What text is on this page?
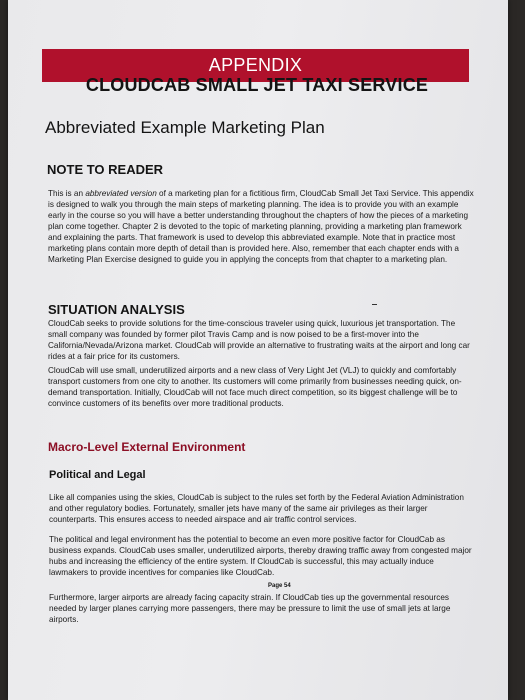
APPENDIX
CLOUDCAB SMALL JET TAXI SERVICE
Abbreviated Example Marketing Plan
NOTE TO READER
This is an abbreviated version of a marketing plan for a fictitious firm, CloudCab Small Jet Taxi Service. This appendix is designed to walk you through the main steps of marketing planning. The idea is to provide you with an example early in the course so you will have a better understanding throughout the chapters of how the pieces of a marketing plan come together. Chapter 2 is devoted to the topic of marketing planning, providing a marketing plan framework and explaining the parts. That framework is used to develop this abbreviated example. Note that in practice most marketing plans contain more depth of detail than is provided here. Also, remember that each chapter ends with a Marketing Plan Exercise designed to guide you in applying the concepts from that chapter to a marketing plan.
SITUATION ANALYSIS
CloudCab seeks to provide solutions for the time-conscious traveler using quick, luxurious jet transportation. The small company was founded by former pilot Travis Camp and is now poised to be a first-mover into the California/Nevada/Arizona market. CloudCab will provide an alternative to frustrating waits at the airport and long car rides at a fair price for its customers.
CloudCab will use small, underutilized airports and a new class of Very Light Jet (VLJ) to quickly and comfortably transport customers from one city to another. Its customers will come primarily from businesses needing quick, on-demand transportation. Initially, CloudCab will not face much direct competition, so its biggest challenge will be to convince customers of its benefits over more traditional products.
Macro-Level External Environment
Political and Legal
Like all companies using the skies, CloudCab is subject to the rules set forth by the Federal Aviation Administration and other regulatory bodies. Fortunately, smaller jets have many of the same air privileges as their larger counterparts. This ensures access to needed airspace and air traffic control services.
The political and legal environment has the potential to become an even more positive factor for CloudCab as business expands. CloudCab uses smaller, underutilized airports, thereby drawing traffic away from congested major hubs and increasing the efficiency of the entire system. If CloudCab is successful, this may actually induce lawmakers to provide incentives for companies like CloudCab.
Page 54
Furthermore, larger airports are already facing capacity strain. If CloudCab ties up the governmental resources needed by larger planes carrying more passengers, there may be pressure to limit the use of small jets at large airports.
